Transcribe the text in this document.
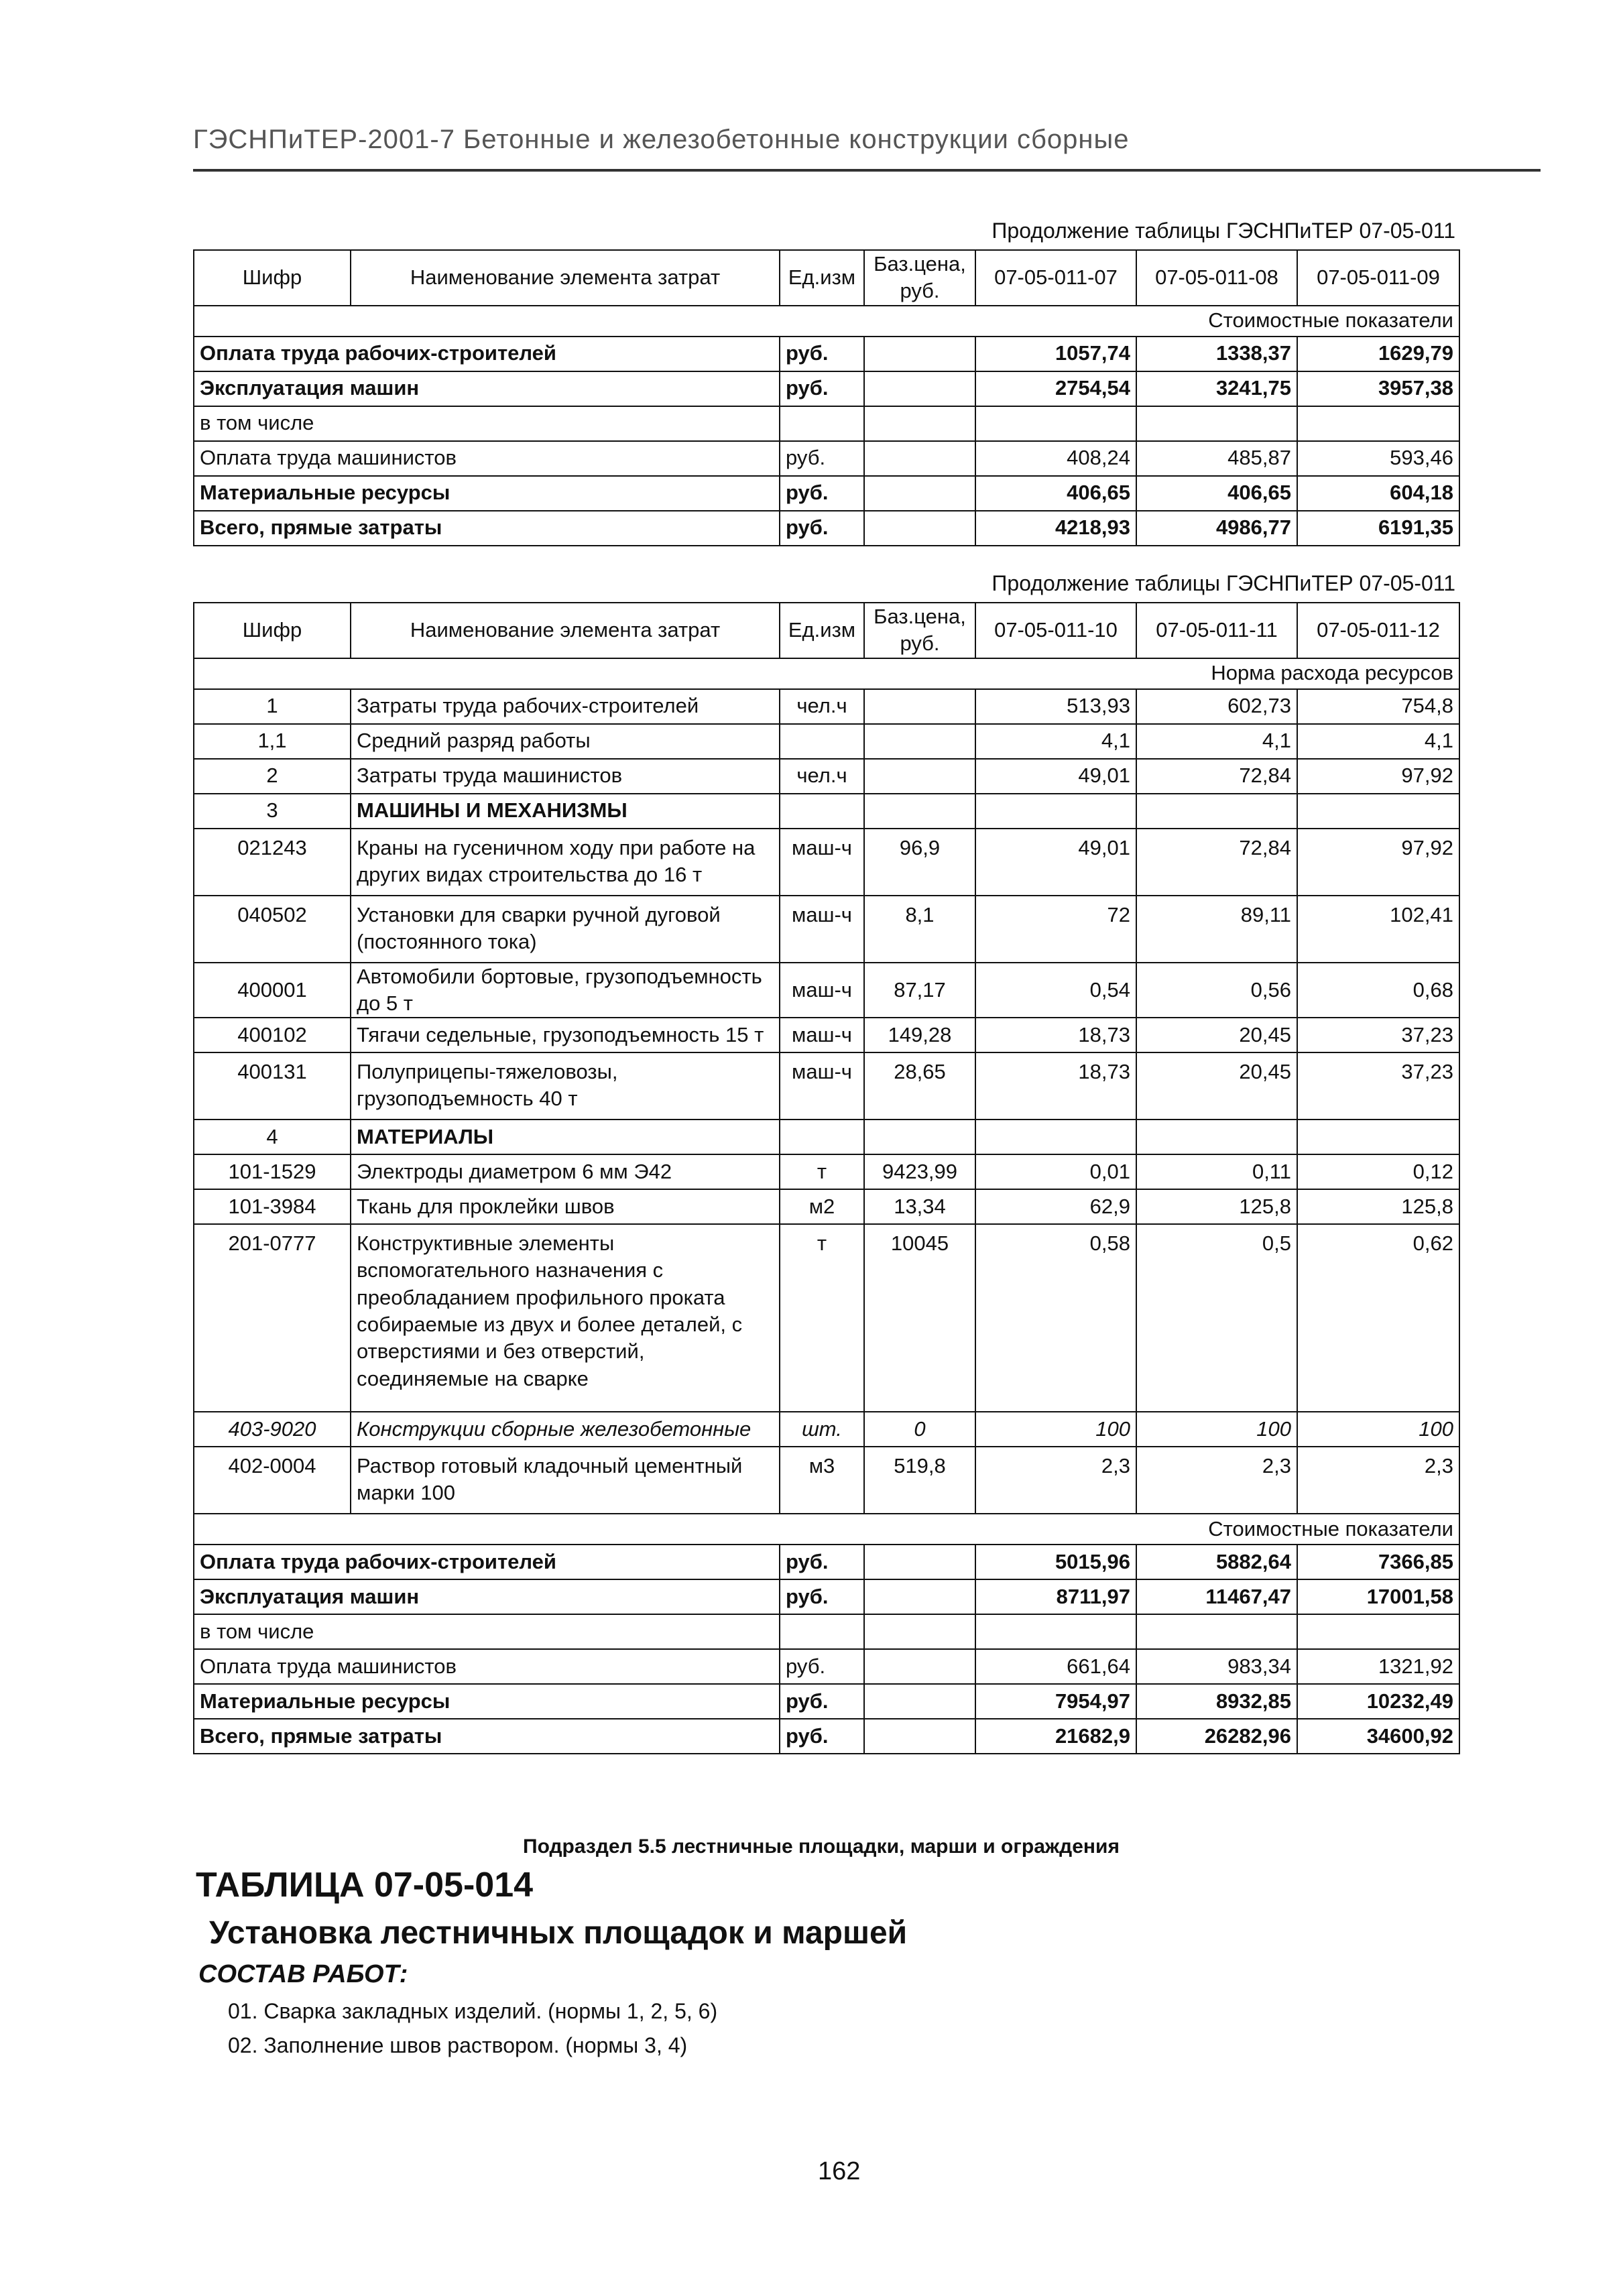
ГЭСНПиТЕР-2001-7 Бетонные и железобетонные конструкции сборные
Продолжение таблицы ГЭСНПиТЕР 07-05-011
Шифр	Наименование элемента затрат	Ед.изм	Баз.цена, руб.	07-05-011-07	07-05-011-08	07-05-011-09
Стоимостные показатели						
Оплата труда рабочих-строителей		руб.		1057,74	1338,37	1629,79
Эксплуатация машин		руб.		2754,54	3241,75	3957,38
в том числе						
Оплата труда машинистов		руб.		408,24	485,87	593,46
Материальные ресурсы		руб.		406,65	406,65	604,18
Всего, прямые затраты		руб.		4218,93	4986,77	6191,35
Продолжение таблицы ГЭСНПиТЕР 07-05-011
Шифр	Наименование элемента затрат	Ед.изм	Баз.цена, руб.	07-05-011-10	07-05-011-11	07-05-011-12
Норма расхода ресурсов						
1	Затраты труда рабочих-строителей	чел.ч		513,93	602,73	754,8
1,1	Средний разряд работы			4,1	4,1	4,1
2	Затраты труда машинистов	чел.ч		49,01	72,84	97,92
3	МАШИНЫ И МЕХАНИЗМЫ					
021243	Краны на гусеничном ходу при работе на других видах строительства до 16 т	маш-ч	96,9	49,01	72,84	97,92
040502	Установки для сварки ручной дуговой (постоянного тока)	маш-ч	8,1	72	89,11	102,41
400001	Автомобили бортовые, грузоподъемность до 5 т	маш-ч	87,17	0,54	0,56	0,68
400102	Тягачи седельные, грузоподъемность 15 т	маш-ч	149,28	18,73	20,45	37,23
400131	Полуприцепы-тяжеловозы, грузоподъемность 40 т	маш-ч	28,65	18,73	20,45	37,23
4	МАТЕРИАЛЫ					
101-1529	Электроды диаметром 6 мм Э42	т	9423,99	0,01	0,11	0,12
101-3984	Ткань для проклейки швов	м2	13,34	62,9	125,8	125,8
201-0777	Конструктивные элементы вспомогательного назначения с преобладанием профильного проката собираемые из двух и более деталей, с отверстиями и без отверстий, соединяемые на сварке	т	10045	0,58	0,5	0,62
403-9020	Конструкции сборные железобетонные	шт.	0	100	100	100
402-0004	Раствор готовый кладочный цементный марки 100	м3	519,8	2,3	2,3	2,3
Стоимостные показатели						
Оплата труда рабочих-строителей		руб.		5015,96	5882,64	7366,85
Эксплуатация машин		руб.		8711,97	11467,47	17001,58
в том числе						
Оплата труда машинистов		руб.		661,64	983,34	1321,92
Материальные ресурсы		руб.		7954,97	8932,85	10232,49
Всего, прямые затраты		руб.		21682,9	26282,96	34600,92
Подраздел 5.5 лестничные площадки, марши и ограждения
ТАБЛИЦА 07-05-014
Установка лестничных площадок и маршей
СОСТАВ РАБОТ:
01. Сварка закладных изделий. (нормы 1, 2, 5, 6)
02. Заполнение швов раствором. (нормы 3, 4)
162
